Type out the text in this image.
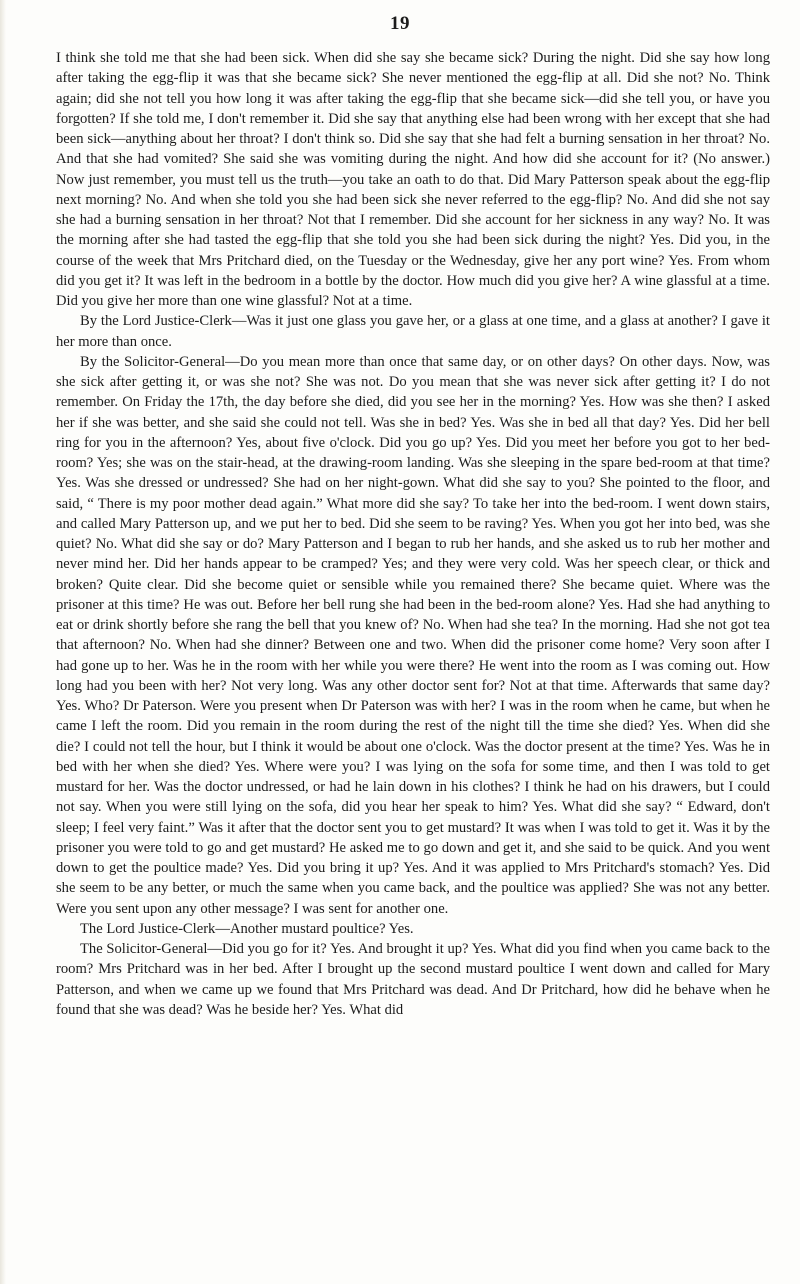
19

I think she told me that she had been sick. When did she say she became sick? During the night. Did she say how long after taking the egg-flip it was that she became sick? She never mentioned the egg-flip at all. Did she not? No. Think again; did she not tell you how long it was after taking the egg-flip that she became sick—did she tell you, or have you forgotten? If she told me, I don't remember it. Did she say that anything else had been wrong with her except that she had been sick—anything about her throat? I don't think so. Did she say that she had felt a burning sensation in her throat? No. And that she had vomited? She said she was vomiting during the night. And how did she account for it? (No answer.) Now just remember, you must tell us the truth—you take an oath to do that. Did Mary Patterson speak about the egg-flip next morning? No. And when she told you she had been sick she never referred to the egg-flip? No. And did she not say she had a burning sensation in her throat? Not that I remember. Did she account for her sickness in any way? No. It was the morning after she had tasted the egg-flip that she told you she had been sick during the night? Yes. Did you, in the course of the week that Mrs Pritchard died, on the Tuesday or the Wednesday, give her any port wine? Yes. From whom did you get it? It was left in the bedroom in a bottle by the doctor. How much did you give her? A wine glassful at a time. Did you give her more than one wine glassful? Not at a time.

By the Lord Justice-Clerk—Was it just one glass you gave her, or a glass at one time, and a glass at another? I gave it her more than once.

By the Solicitor-General—Do you mean more than once that same day, or on other days? On other days. Now, was she sick after getting it, or was she not? She was not. Do you mean that she was never sick after getting it? I do not remember. On Friday the 17th, the day before she died, did you see her in the morning? Yes. How was she then? I asked her if she was better, and she said she could not tell. Was she in bed? Yes. Was she in bed all that day? Yes. Did her bell ring for you in the afternoon? Yes, about five o'clock. Did you go up? Yes. Did you meet her before you got to her bed-room? Yes; she was on the stair-head, at the drawing-room landing. Was she sleeping in the spare bed-room at that time? Yes. Was she dressed or undressed? She had on her night-gown. What did she say to you? She pointed to the floor, and said, “ There is my poor mother dead again.” What more did she say? To take her into the bed-room. I went down stairs, and called Mary Patterson up, and we put her to bed. Did she seem to be raving? Yes. When you got her into bed, was she quiet? No. What did she say or do? Mary Patterson and I began to rub her hands, and she asked us to rub her mother and never mind her. Did her hands appear to be cramped? Yes; and they were very cold. Was her speech clear, or thick and broken? Quite clear. Did she become quiet or sensible while you remained there? She became quiet. Where was the prisoner at this time? He was out. Before her bell rung she had been in the bed-room alone? Yes. Had she had anything to eat or drink shortly before she rang the bell that you knew of? No. When had she tea? In the morning. Had she not got tea that afternoon? No. When had she dinner? Between one and two. When did the prisoner come home? Very soon after I had gone up to her. Was he in the room with her while you were there? He went into the room as I was coming out. How long had you been with her? Not very long. Was any other doctor sent for? Not at that time. Afterwards that same day? Yes. Who? Dr Paterson. Were you present when Dr Paterson was with her? I was in the room when he came, but when he came I left the room. Did you remain in the room during the rest of the night till the time she died? Yes. When did she die? I could not tell the hour, but I think it would be about one o'clock. Was the doctor present at the time? Yes. Was he in bed with her when she died? Yes. Where were you? I was lying on the sofa for some time, and then I was told to get mustard for her. Was the doctor undressed, or had he lain down in his clothes? I think he had on his drawers, but I could not say. When you were still lying on the sofa, did you hear her speak to him? Yes. What did she say? “ Edward, don't sleep; I feel very faint.” Was it after that the doctor sent you to get mustard? It was when I was told to get it. Was it by the prisoner you were told to go and get mustard? He asked me to go down and get it, and she said to be quick. And you went down to get the poultice made? Yes. Did you bring it up? Yes. And it was applied to Mrs Pritchard's stomach? Yes. Did she seem to be any better, or much the same when you came back, and the poultice was applied? She was not any better. Were you sent upon any other message? I was sent for another one.

The Lord Justice-Clerk—Another mustard poultice? Yes.

The Solicitor-General—Did you go for it? Yes. And brought it up? Yes. What did you find when you came back to the room? Mrs Pritchard was in her bed. After I brought up the second mustard poultice I went down and called for Mary Patterson, and when we came up we found that Mrs Pritchard was dead. And Dr Pritchard, how did he behave when he found that she was dead? Was he beside her? Yes. What did
